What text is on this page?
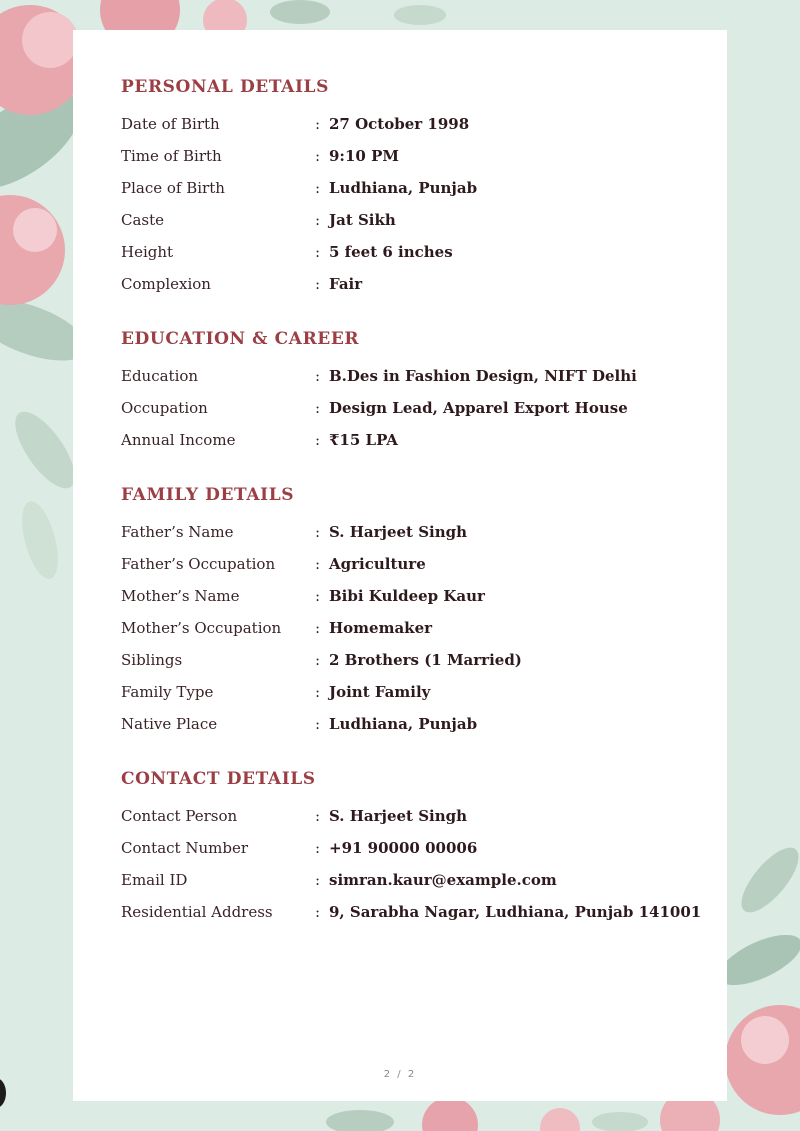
PERSONAL DETAILS
Date of Birth	: 27 October 1998
Time of Birth	: 9:10 PM
Place of Birth	: Ludhiana, Punjab
Caste	: Jat Sikh
Height	: 5 feet 6 inches
Complexion	: Fair
EDUCATION & CAREER
Education	: B.Des in Fashion Design, NIFT Delhi
Occupation	: Design Lead, Apparel Export House
Annual Income	: ₹15 LPA
FAMILY DETAILS
Father’s Name	: S. Harjeet Singh
Father’s Occupation	: Agriculture
Mother’s Name	: Bibi Kuldeep Kaur
Mother’s Occupation	: Homemaker
Siblings	: 2 Brothers (1 Married)
Family Type	: Joint Family
Native Place	: Ludhiana, Punjab
CONTACT DETAILS
Contact Person	: S. Harjeet Singh
Contact Number	: +91 90000 00006
Email ID	: simran.kaur@example.com
Residential Address	: 9, Sarabha Nagar, Ludhiana, Punjab 141001
2 / 2
